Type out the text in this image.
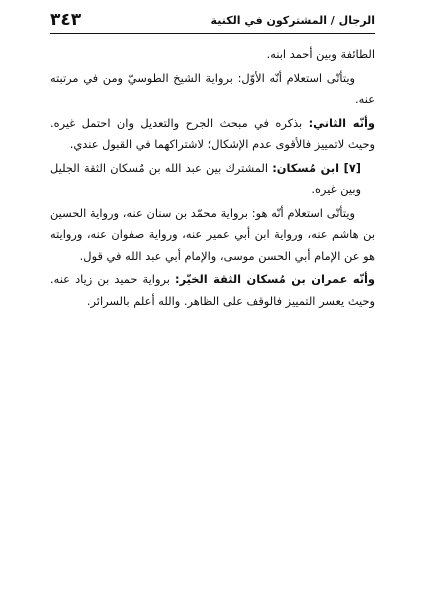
الرجال / المشتركون في الكنية
٣٤٣

الطائفة وبين أحمد ابنه.

ويتأتّى استعلام أنّه الأوّل: برواية الشيخ الطوسيّ ومن في مرتبته عنه.

وأنّه الثاني: بذكره في مبحث الجرح والتعديل وان احتمل غيره. وحيث لاتمييز فالأقوى عدم الإشكال؛ لاشتراكهما في القبول عندي.

[٧] ابن مُسكان: المشترك بين عبد الله بن مُسكان الثقة الجليل وبين غيره.

ويتأتّى استعلام أنّه هو: برواية محمّد بن سنان عنه، ورواية الحسين بن هاشم عنه، ورواية ابن أبي عمير عنه، ورواية صفوان عنه، وروايته هو عن الإمام أبي الحسن موسى، والإمام أبي عبد الله في قول.

وأنّه عمران بن مُسكان الثقة الخيّر: برواية حميد بن زياد عنه. وحيث يعسر التمييز فالوقف على الظاهر. والله أعلم بالسرائر.
